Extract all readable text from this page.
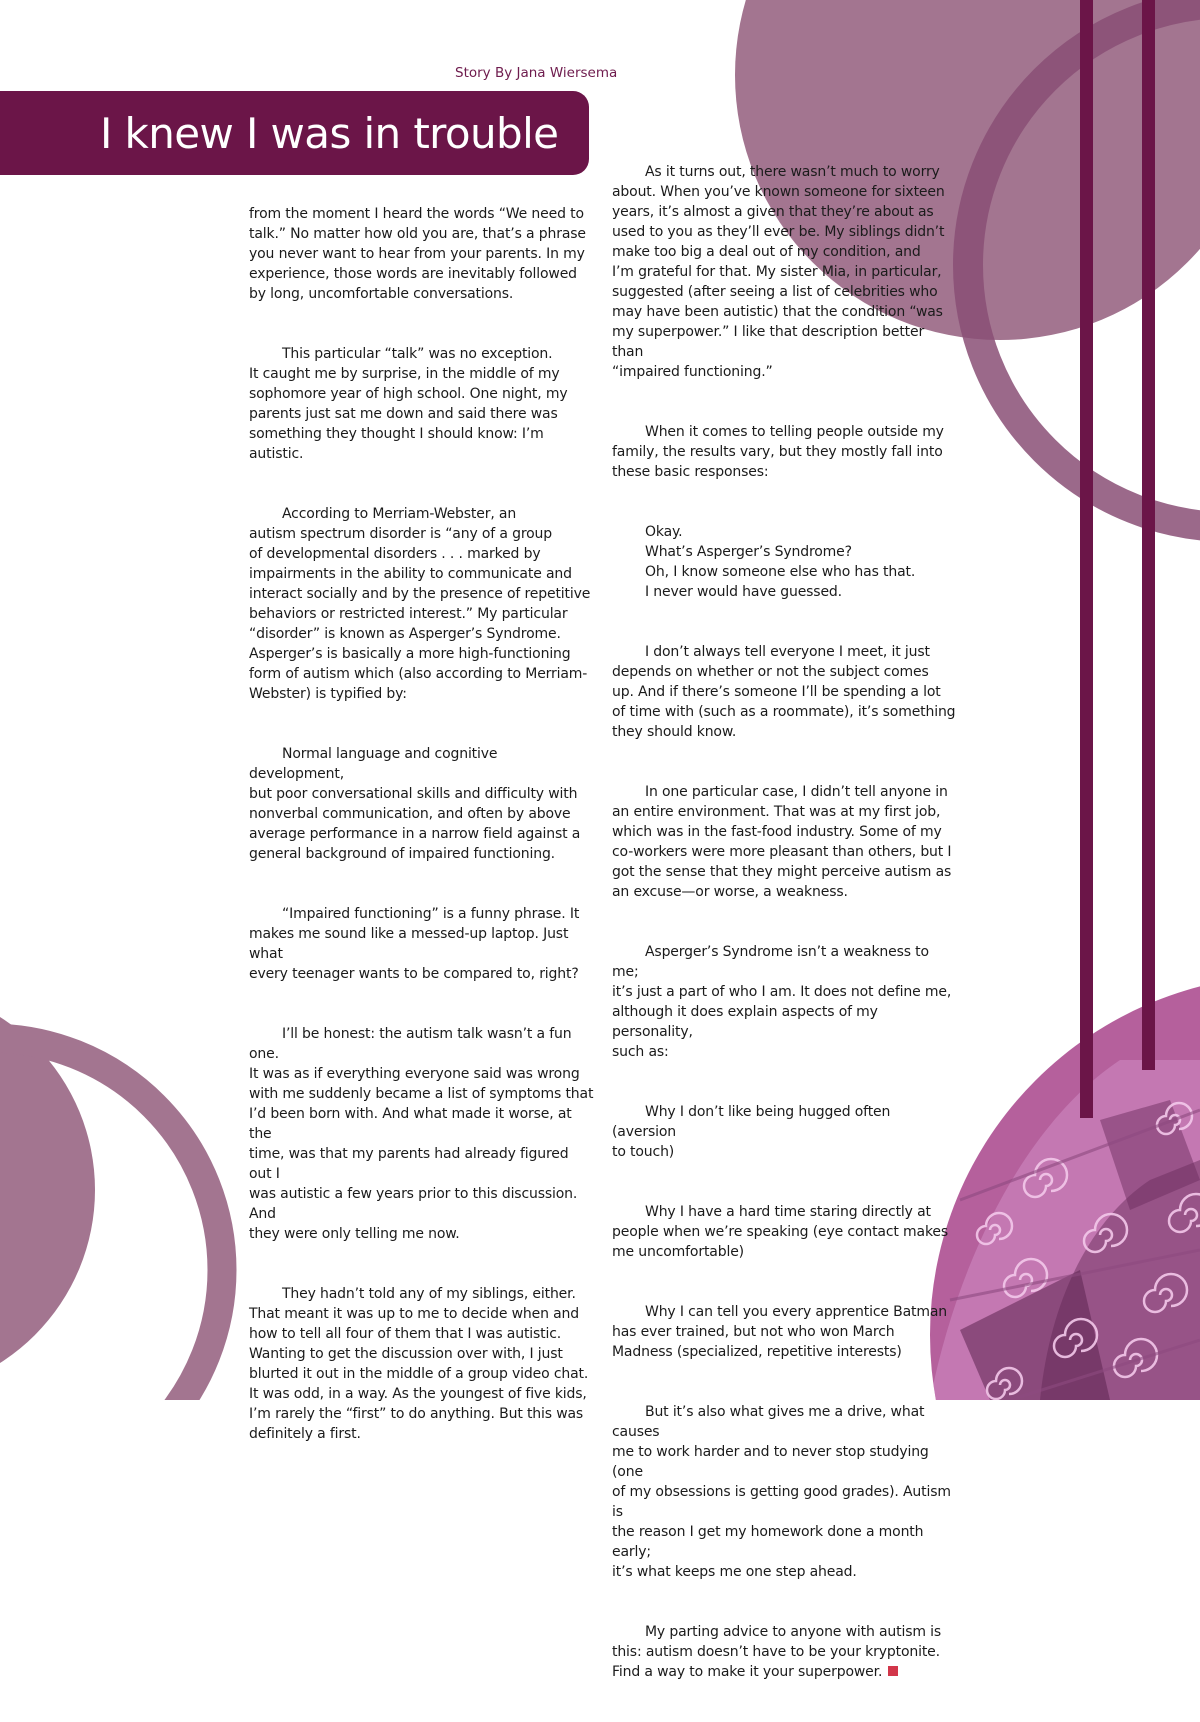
Story By Jana Wiersema
I knew I was in trouble

from the moment I heard the words “We need to
talk.” No matter how old you are, that’s a phrase
you never want to hear from your parents. In my
experience, those words are inevitably followed
by long, uncomfortable conversations.

This particular “talk” was no exception.
It caught me by surprise, in the middle of my
sophomore year of high school. One night, my
parents just sat me down and said there was
something they thought I should know: I’m autistic.

According to Merriam-Webster, an
autism spectrum disorder is “any of a group
of developmental disorders . . . marked by
impairments in the ability to communicate and
interact socially and by the presence of repetitive
behaviors or restricted interest.” My particular
“disorder” is known as Asperger’s Syndrome.
Asperger’s is basically a more high-functioning
form of autism which (also according to Merriam-
Webster) is typified by:

Normal language and cognitive development,
but poor conversational skills and difficulty with
nonverbal communication, and often by above
average performance in a narrow field against a
general background of impaired functioning.

“Impaired functioning” is a funny phrase. It
makes me sound like a messed-up laptop. Just what
every teenager wants to be compared to, right?

I’ll be honest: the autism talk wasn’t a fun one.
It was as if everything everyone said was wrong
with me suddenly became a list of symptoms that
I’d been born with. And what made it worse, at the
time, was that my parents had already figured out I
was autistic a few years prior to this discussion. And
they were only telling me now.

They hadn’t told any of my siblings, either.
That meant it was up to me to decide when and
how to tell all four of them that I was autistic.
Wanting to get the discussion over with, I just
blurted it out in the middle of a group video chat.
It was odd, in a way. As the youngest of five kids,
I’m rarely the “first” to do anything. But this was
definitely a first.

As it turns out, there wasn’t much to worry
about. When you’ve known someone for sixteen
years, it’s almost a given that they’re about as
used to you as they’ll ever be. My siblings didn’t
make too big a deal out of my condition, and
I’m grateful for that. My sister Mia, in particular,
suggested (after seeing a list of celebrities who
may have been autistic) that the condition “was
my superpower.” I like that description better than
“impaired functioning.”

When it comes to telling people outside my
family, the results vary, but they mostly fall into
these basic responses:

Okay.
What’s Asperger’s Syndrome?
Oh, I know someone else who has that.
I never would have guessed.

I don’t always tell everyone I meet, it just
depends on whether or not the subject comes
up. And if there’s someone I’ll be spending a lot
of time with (such as a roommate), it’s something
they should know.

In one particular case, I didn’t tell anyone in
an entire environment. That was at my first job,
which was in the fast-food industry. Some of my
co-workers were more pleasant than others, but I
got the sense that they might perceive autism as
an excuse—or worse, a weakness.

Asperger’s Syndrome isn’t a weakness to me;
it’s just a part of who I am. It does not define me,
although it does explain aspects of my personality,
such as:

Why I don’t like being hugged often (aversion
to touch)

Why I have a hard time staring directly at
people when we’re speaking (eye contact makes
me uncomfortable)

Why I can tell you every apprentice Batman
has ever trained, but not who won March
Madness (specialized, repetitive interests)

But it’s also what gives me a drive, what causes
me to work harder and to never stop studying (one
of my obsessions is getting good grades). Autism is
the reason I get my homework done a month early;
it’s what keeps me one step ahead.

My parting advice to anyone with autism is
this: autism doesn’t have to be your kryptonite.
Find a way to make it your superpower.
